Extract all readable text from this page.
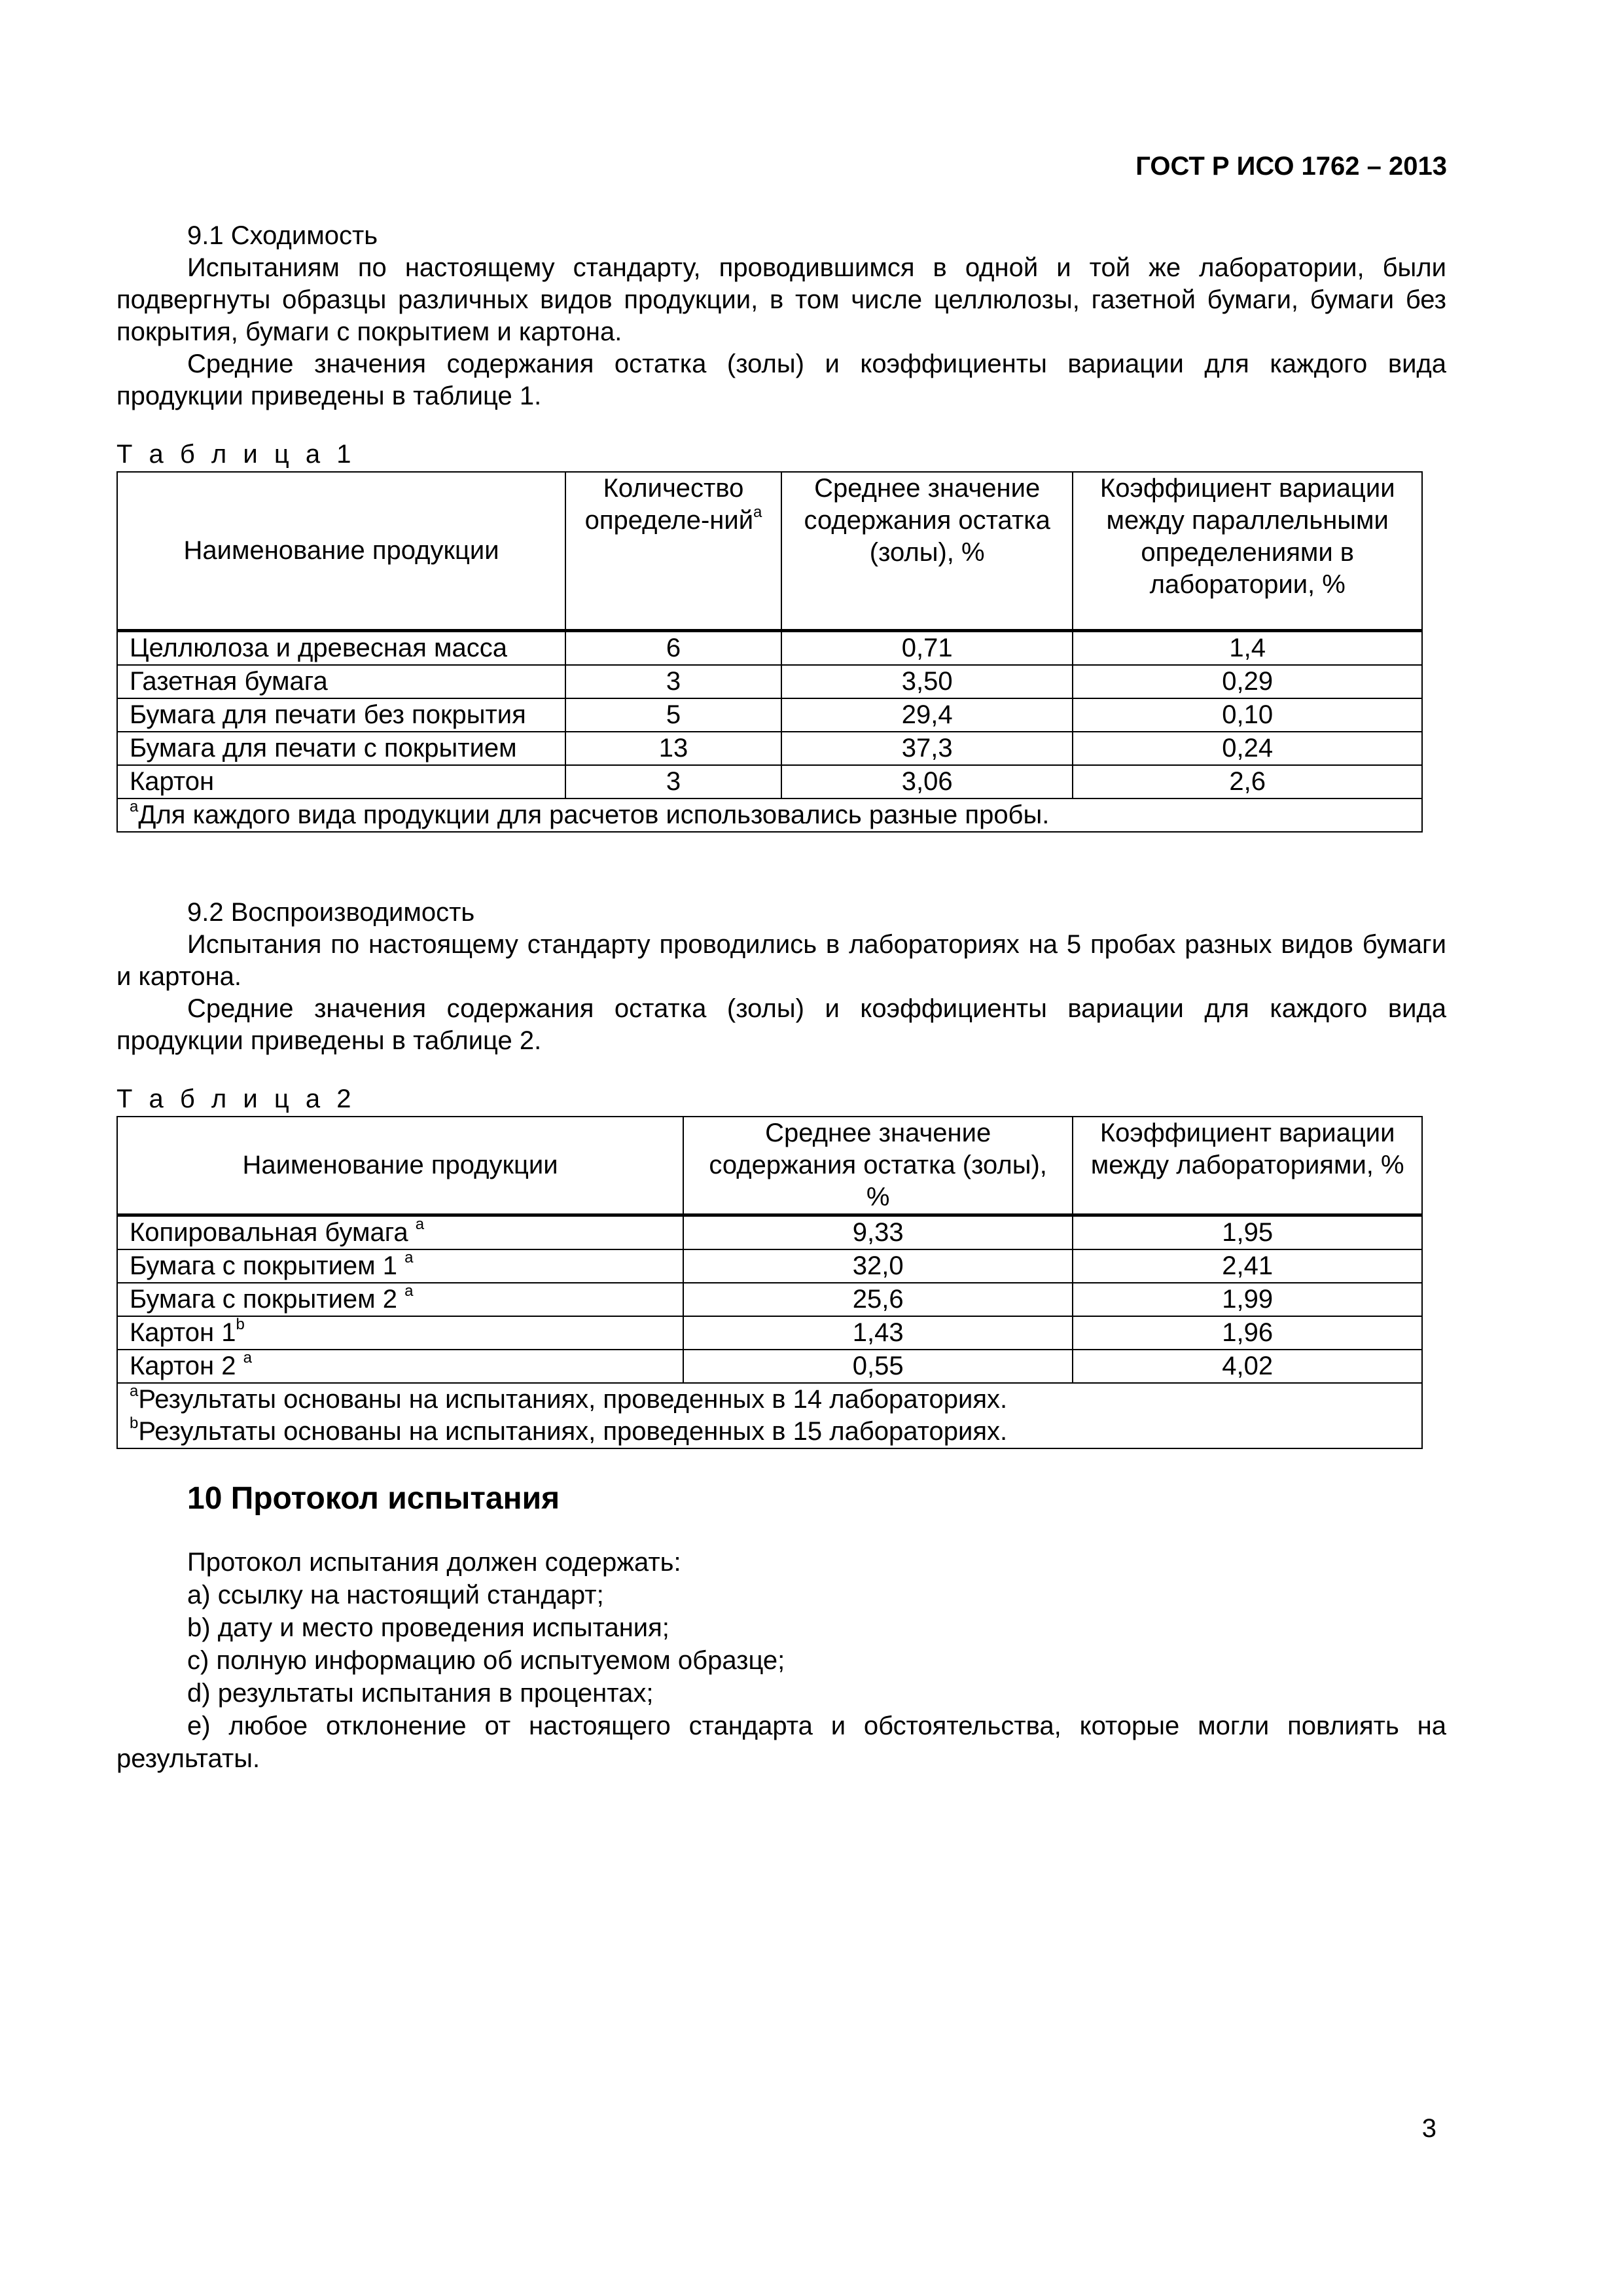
ГОСТ Р ИСО 1762 – 2013
9.1 Сходимость
Испытаниям по настоящему стандарту, проводившимся в одной и той же лаборатории, были подвергнуты образцы различных видов продукции, в том числе целлюлозы, газетной бумаги, бумаги без покрытия, бумаги с покрытием и картона.
Средние значения содержания остатка (золы) и коэффициенты вариации для каждого вида продукции приведены в таблице 1.
Т а б л и ц а 1
Наименование продукции	Количество определе-ний$^а$	Среднее значение содержания остатка (золы), %	Коэффициент вариации между параллельными определениями в лаборатории, %
Целлюлоза и древесная масса	6	0,71	1,4
Газетная бумага	3	3,50	0,29
Бумага для печати без покрытия	5	29,4	0,10
Бумага для печати с покрытием	13	37,3	0,24
Картон	3	3,06	2,6
$^а$Для каждого вида продукции для расчетов использовались разные пробы.			
9.2 Воспроизводимость
Испытания по настоящему стандарту проводились в лабораториях на 5 пробах разных видов бумаги и картона.
Средние значения содержания остатка (золы) и коэффициенты вариации для каждого вида продукции приведены в таблице 2.
Т а б л и ц а 2
Наименование продукции	Среднее значение содержания остатка (золы), %	Коэффициент вариации между лабораториями, %
Копировальная бумага $^а$	9,33	1,95
Бумага с покрытием 1 $^а$	32,0	2,41
Бумага с покрытием 2 $^а$	25,6	1,99
Картон 1$^b$	1,43	1,96
Картон 2 $^а$	0,55	4,02

$^а$Результаты основаны на испытаниях, проведенных в 14 лабораториях.
$^b$Результаты основаны на испытаниях, проведенных в 15 лабораториях.		
10 Протокол испытания
Протокол испытания должен содержать:
a) ссылку на настоящий стандарт;
b) дату и место проведения испытания;
c) полную информацию об испытуемом образце;
d) результаты испытания в процентах;
e) любое отклонение от настоящего стандарта и обстоятельства, которые могли повлиять на результаты.
3
